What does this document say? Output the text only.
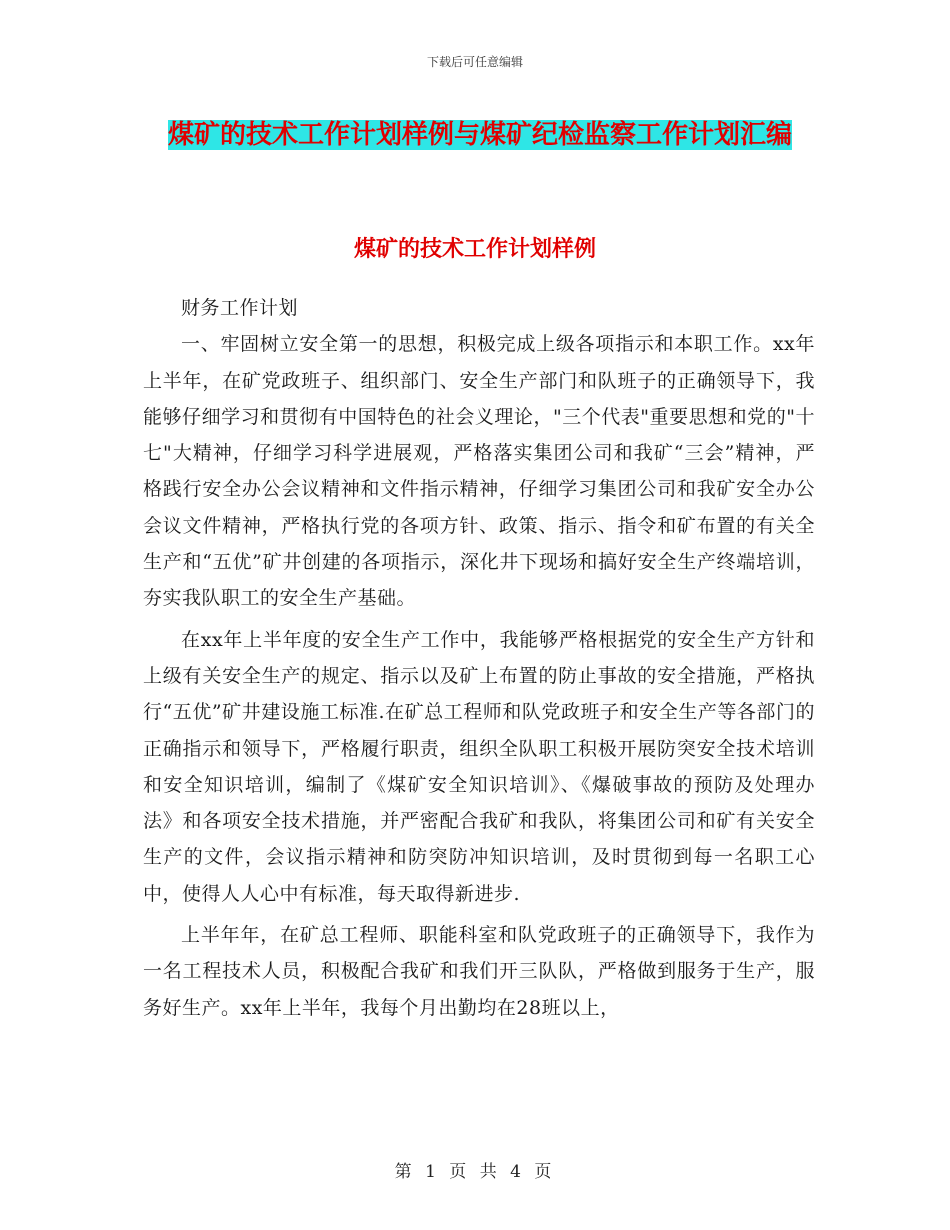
下载后可任意编辑
煤矿的技术工作计划样例与煤矿纪检监察工作计划汇编
煤矿的技术工作计划样例

财务工作计划

一、牢固树立安全第一的思想，积极完成上级各项指示和本职工作。xx年上半年，在矿党政班子、组织部门、安全生产部门和队班子的正确领导下，我能够仔细学习和贯彻有中国特色的社会义理论，"三个代表"重要思想和党的"十七"大精神，仔细学习科学进展观，严格落实集团公司和我矿“三会”精神，严格践行安全办公会议精神和文件指示精神，仔细学习集团公司和我矿安全办公会议文件精神，严格执行党的各项方针、政策、指示、指令和矿布置的有关全生产和“五优”矿井创建的各项指示，深化井下现场和搞好安全生产终端培训，夯实我队职工的安全生产基础。

在xx年上半年度的安全生产工作中，我能够严格根据党的安全生产方针和上级有关安全生产的规定、指示以及矿上布置的防止事故的安全措施，严格执行“五优”矿井建设施工标准.在矿总工程师和队党政班子和安全生产等各部门的正确指示和领导下，严格履行职责，组织全队职工积极开展防突安全技术培训和安全知识培训，编制了《煤矿安全知识培训》、《爆破事故的预防及处理办法》和各项安全技术措施，并严密配合我矿和我队，将集团公司和矿有关安全生产的文件，会议指示精神和防突防冲知识培训，及时贯彻到每一名职工心中，使得人人心中有标准，每天取得新进步.

上半年年，在矿总工程师、职能科室和队党政班子的正确领导下，我作为一名工程技术人员，积极配合我矿和我们开三队队，严格做到服务于生产，服务好生产。xx年上半年，我每个月出勤均在28班以上，

第 1 页 共 4 页
